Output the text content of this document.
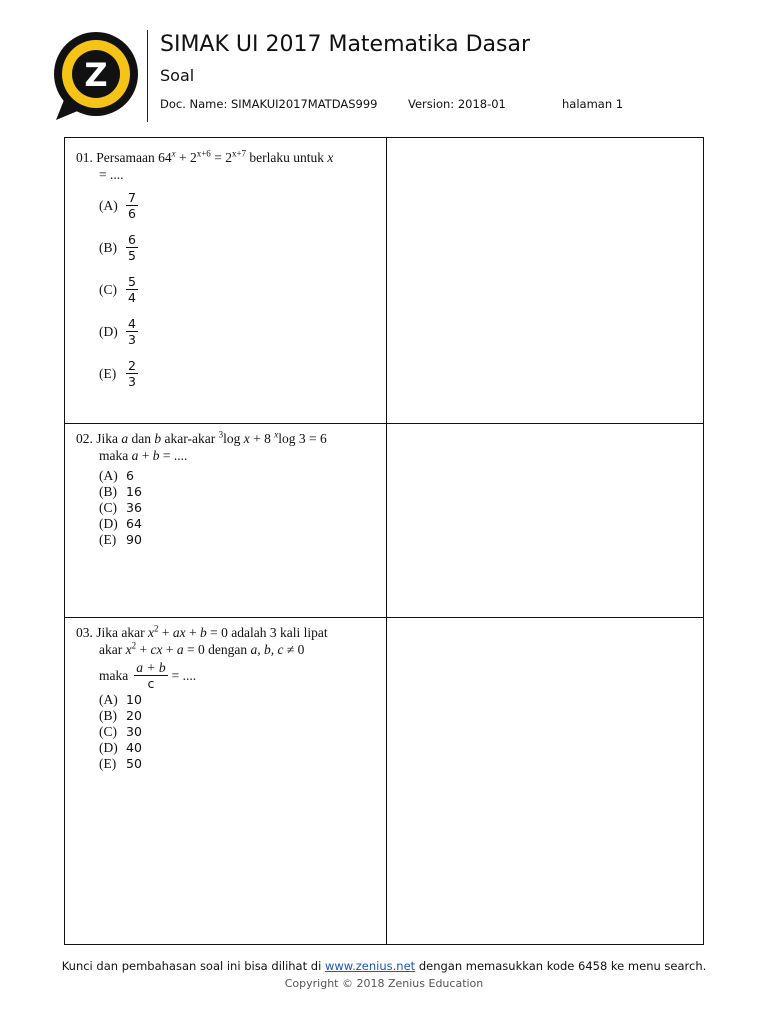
Z
SIMAK UI 2017 Matematika Dasar
Soal
Doc. Name: SIMAKUI2017MATDAS999	Version: 2018-01	halaman 1
01. Persamaan $64^x + 2^{x+6} = 2^{x+7}$ berlaku untuk x
= ....
$(A) \frac{7}{6}$
$(B) \frac{6}{5}$
$(C) \frac{5}{4}$
$(D) \frac{4}{3}$
$(E) \frac{2}{3}$
02. Jika a dan b akar-akar $^3$log x + 8 $^x$log 3 = 6
maka a + b = ....
(A) 6
(B) 16
(C) 36
(D) 64
(E) 90
03. Jika akar $x^2$ + ax + b = 0 adalah 3 kali lipat
akar $x^2$ + cx + a = 0 dengan a, b, c ≠ 0
maka $\frac{a + b}{c}$ = ....
(A) 10
(B) 20
(C) 30
(D) 40
(E) 50
Kunci dan pembahasan soal ini bisa dilihat di www.zenius.net dengan memasukkan kode 6458 ke menu search.
Copyright © 2018 Zenius Education
